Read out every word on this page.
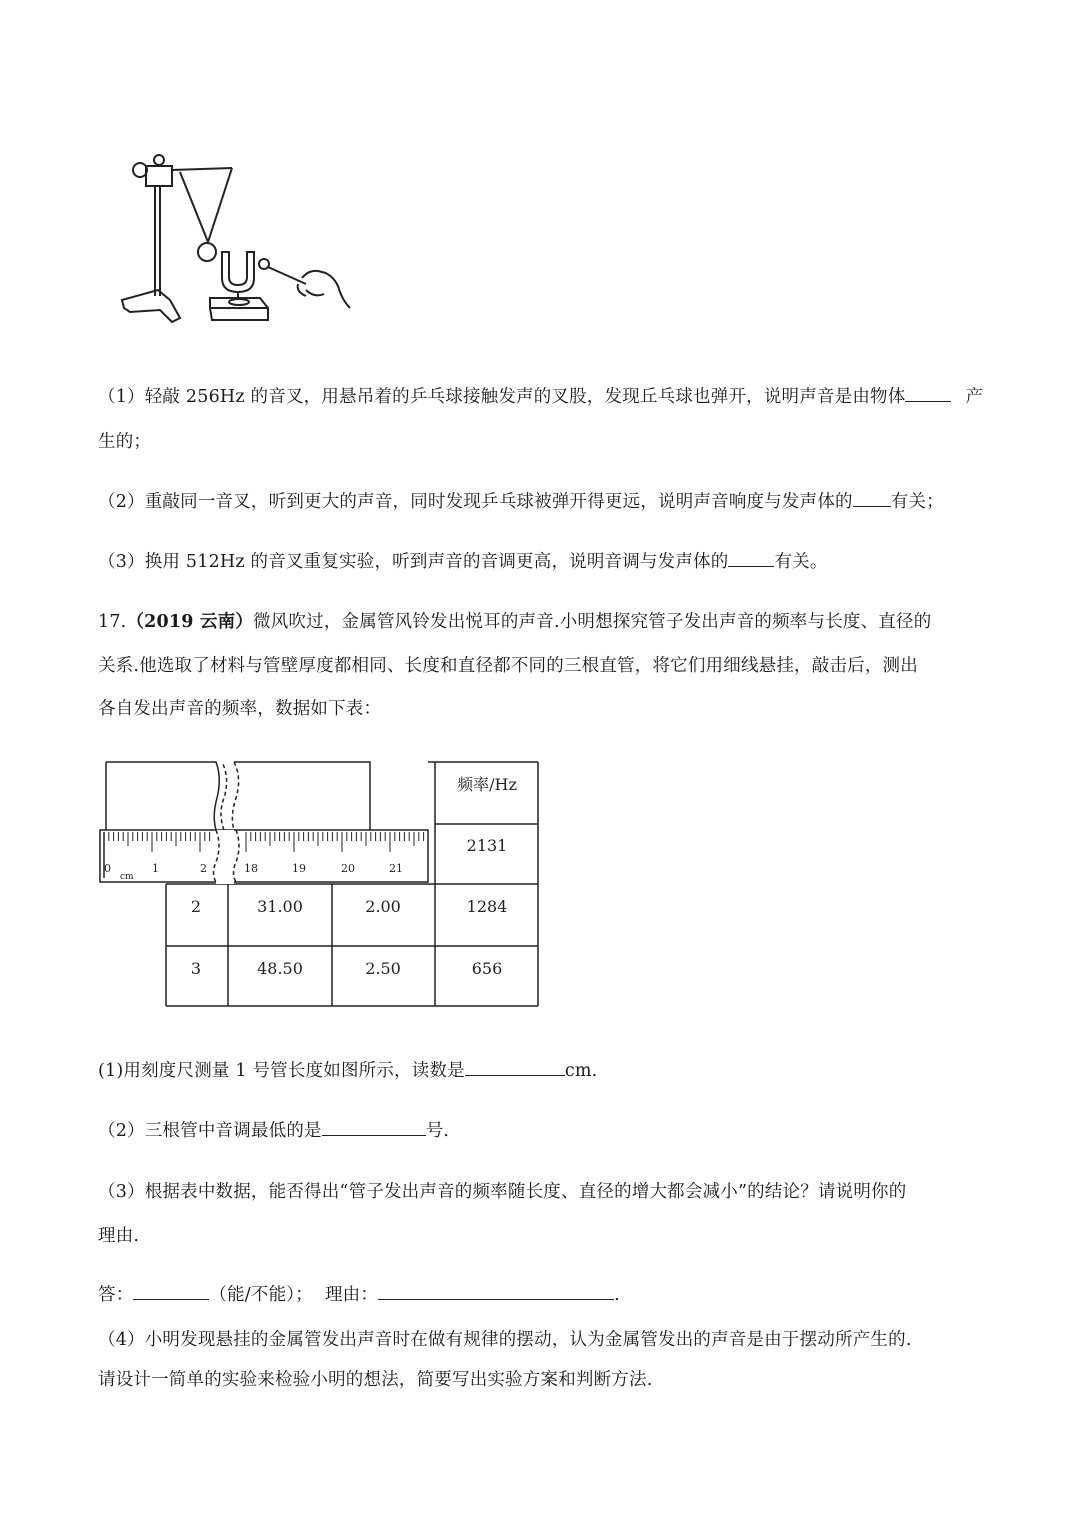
（1）轻敲 256Hz 的音叉，用悬吊着的乒乓球接触发声的叉股，发现丘乓球也弹开，说明声音是由物体	产
生的；
（2）重敲同一音叉，听到更大的声音，同时发现乒乓球被弹开得更远，说明声音响度与发声体的 有关；
（3）换用 512Hz 的音叉重复实验，听到声音的音调更高，说明音调与发声体的	有关。
17.（2019 云南）微风吹过，金属管风铃发出悦耳的声音.小明想探究管子发出声音的频率与长度、直径的
关系.他选取了材料与管壁厚度都相同、长度和直径都不同的三根直管，将它们用细线悬挂，敲击后，测出
各自发出声音的频率，数据如下表：
0	1	2
cm
18	19	20	21
频率/Hz
2131
2	31.00	2.00	1284
3	48.50	2.50	656
(1)用刻度尺测量 1 号管长度如图所示，读数是	cm.
（2）三根管中音调最低的是	号.
（3）根据表中数据，能否得出“管子发出声音的频率随长度、直径的增大都会减小”的结论？请说明你的
理由.
答：	（能/不能）； 理由：	.
（4）小明发现悬挂的金属管发出声音时在做有规律的摆动，认为金属管发出的声音是由于摆动所产生的.
请设计一简单的实验来检验小明的想法，简要写出实验方案和判断方法.
